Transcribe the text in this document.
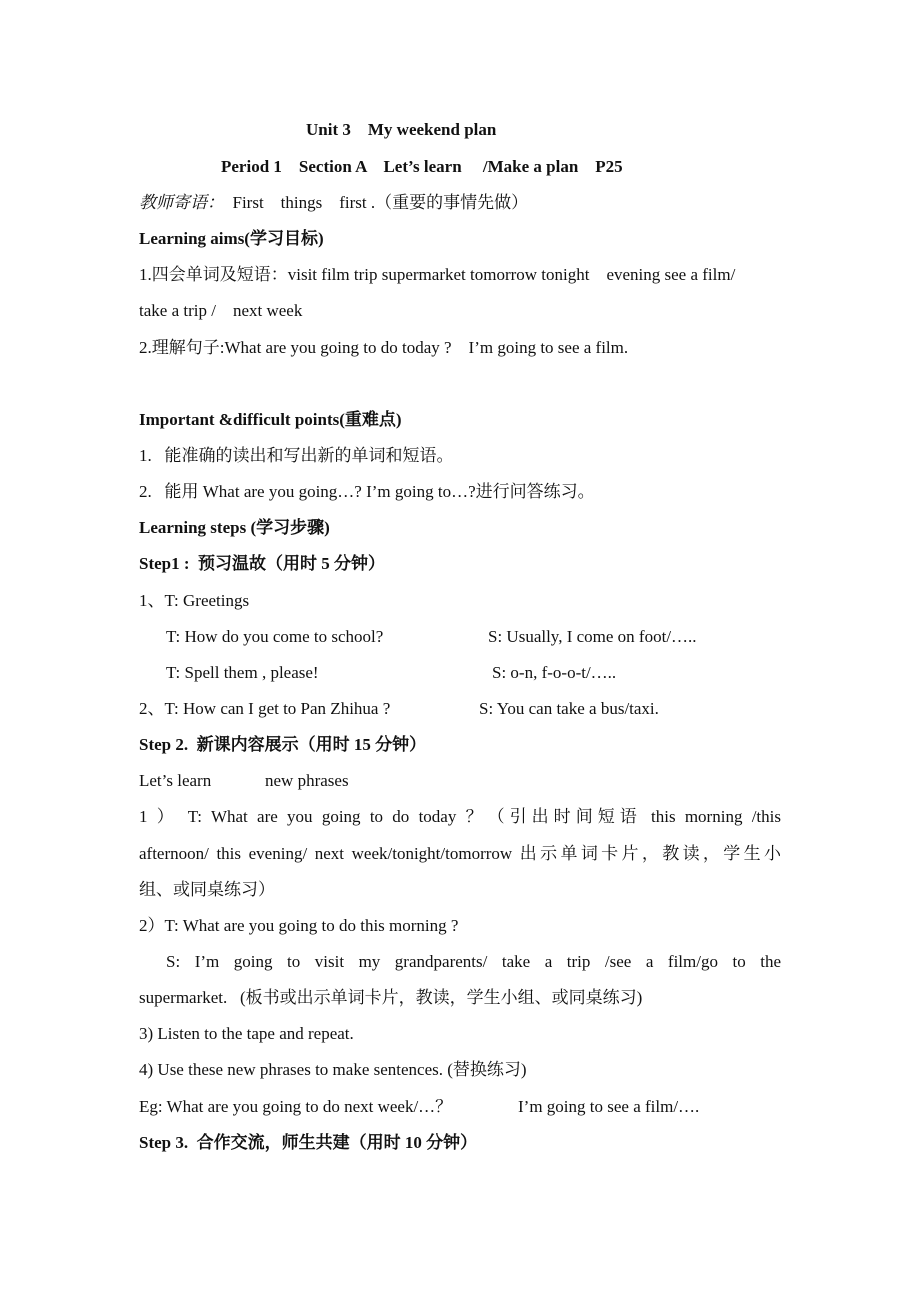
Unit 3    My weekend plan
Period 1    Section A    Let’s learn     /Make a plan    P25
教师寄语：  First    things    first .（重要的事情先做）
Learning aims(学习目标)
1.四会单词及短语：visit film trip supermarket tomorrow tonight    evening see a film/
take a trip /    next week
2.理解句子:What are you going to do today ?    I’m going to see a film.
Important &difficult points(重难点)
1.   能准确的读出和写出新的单词和短语。
2.   能用 What are you going…? I’m going to…?进行问答练习。
Learning steps (学习步骤)
Step1 :  预习温故（用时 5 分钟）
1、T: Greetings
T: How do you come to school?	S: Usually, I come on foot/…..
T: Spell them , please!	S: o-n, f-o-o-t/…..
2、T: How can I get to Pan Zhihua ?	S: You can take a bus/taxi.
Step 2.  新课内容展示（用时 15 分钟）
Let’s learn	new phrases
1 ） T: What are you going to do today ？（引出时间短语 this morning /this
afternoon/ this evening/ next week/tonight/tomorrow 出示单词卡片，教读，学生小
组、或同桌练习）
2）T: What are you going to do this morning ?
S: I’m going to visit my grandparents/ take a trip /see a film/go to the
supermarket.   (板书或出示单词卡片，教读，学生小组、或同桌练习)
3) Listen to the tape and repeat.
4) Use these new phrases to make sentences. (替换练习)
Eg: What are you going to do next week/…？	I’m going to see a film/….
Step 3.  合作交流，师生共建（用时 10 分钟）
